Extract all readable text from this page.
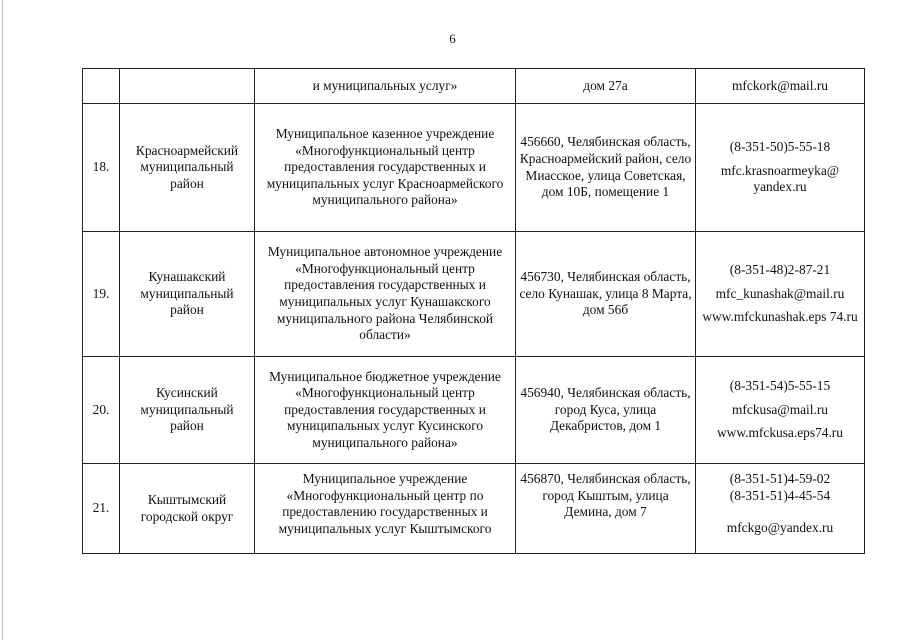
6
		и муниципальных услуг»	дом 27а	mfckork@mail.ru

18.	Красноармейский муниципальный район	Муниципальное казенное учреждение «Многофункциональный центр предоставления государственных и муниципальных услуг Красноармейского муниципального района»	456660, Челябинская область, Красноармейский район, село Миасское, улица Советская, дом 10Б, помещение 1	(8-351-50)5-55-18
mfc.krasnoarmeyka@ yandex.ru

19.	Кунашакский муниципальный район	Муниципальное автономное учреждение «Многофункциональный центр предоставления государственных и муниципальных услуг Кунашакского муниципального района Челябинской области»	456730, Челябинская область, село Кунашак, улица 8 Марта, дом 56б	(8-351-48)2-87-21
mfc_kunashak@mail.ru
www.mfckunashak.eps 74.ru

20.	Кусинский муниципальный район	Муниципальное бюджетное учреждение «Многофункциональный центр предоставления государственных и муниципальных услуг Кусинского муниципального района»	456940, Челябинская область, город Куса, улица Декабристов, дом 1	(8-351-54)5-55-15
mfckusa@mail.ru
www.mfckusa.eps74.ru

21.	Кыштымский городской округ	Муниципальное учреждение «Многофункциональный центр по предоставлению государственных и муниципальных услуг Кыштымского	456870, Челябинская область, город Кыштым, улица Демина, дом 7	(8-351-51)4-59-02
(8-351-51)4-45-54
mfckgo@yandex.ru
